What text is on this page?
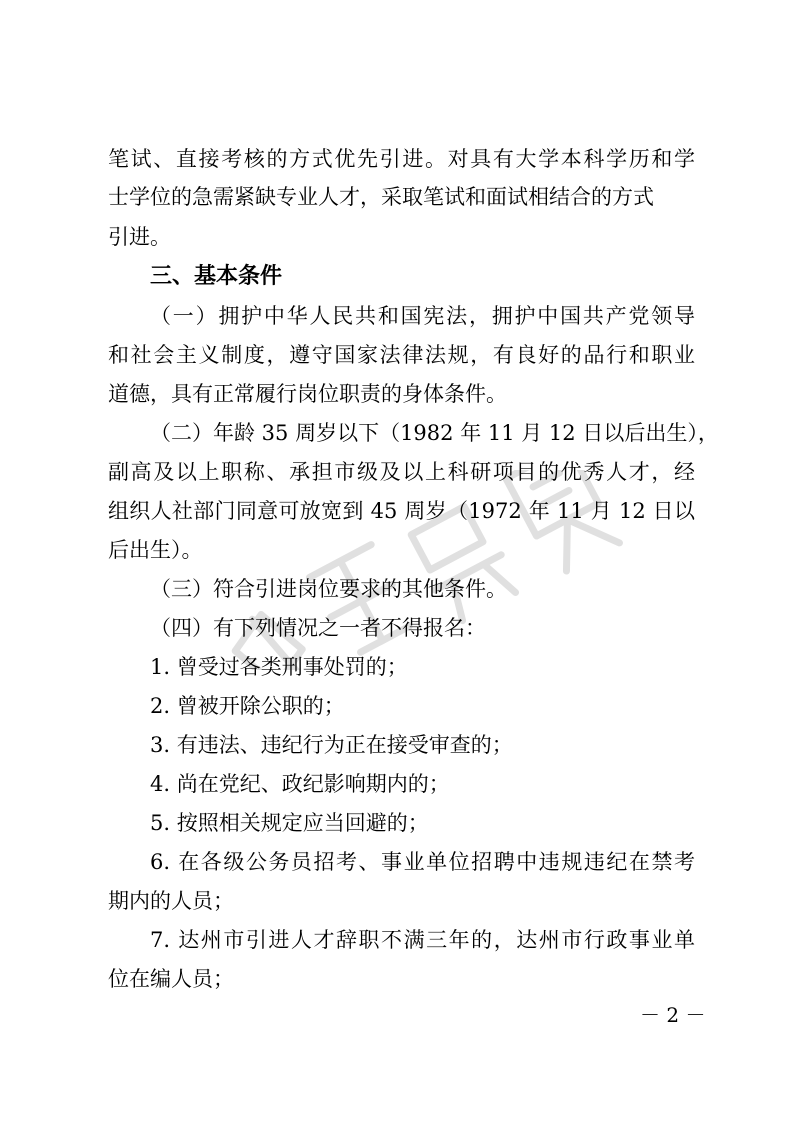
笔试、直接考核的方式优先引进。对具有大学本科学历和学
士学位的急需紧缺专业人才，采取笔试和面试相结合的方式
引进。
三、基本条件
（一）拥护中华人民共和国宪法，拥护中国共产党领导
和社会主义制度，遵守国家法律法规，有良好的品行和职业
道德，具有正常履行岗位职责的身体条件。
（二）年龄 35 周岁以下（1982 年 11 月 12 日以后出生），
副高及以上职称、承担市级及以上科研项目的优秀人才，经
组织人社部门同意可放宽到 45 周岁（1972 年 11 月 12 日以
后出生）。
（三）符合引进岗位要求的其他条件。
（四）有下列情况之一者不得报名：
1. 曾受过各类刑事处罚的；
2. 曾被开除公职的；
3. 有违法、违纪行为正在接受审查的；
4. 尚在党纪、政纪影响期内的；
5. 按照相关规定应当回避的；
6. 在各级公务员招考、事业单位招聘中违规违纪在禁考
期内的人员；
7. 达州市引进人才辞职不满三年的，达州市行政事业单
位在编人员；
－ 2 －
